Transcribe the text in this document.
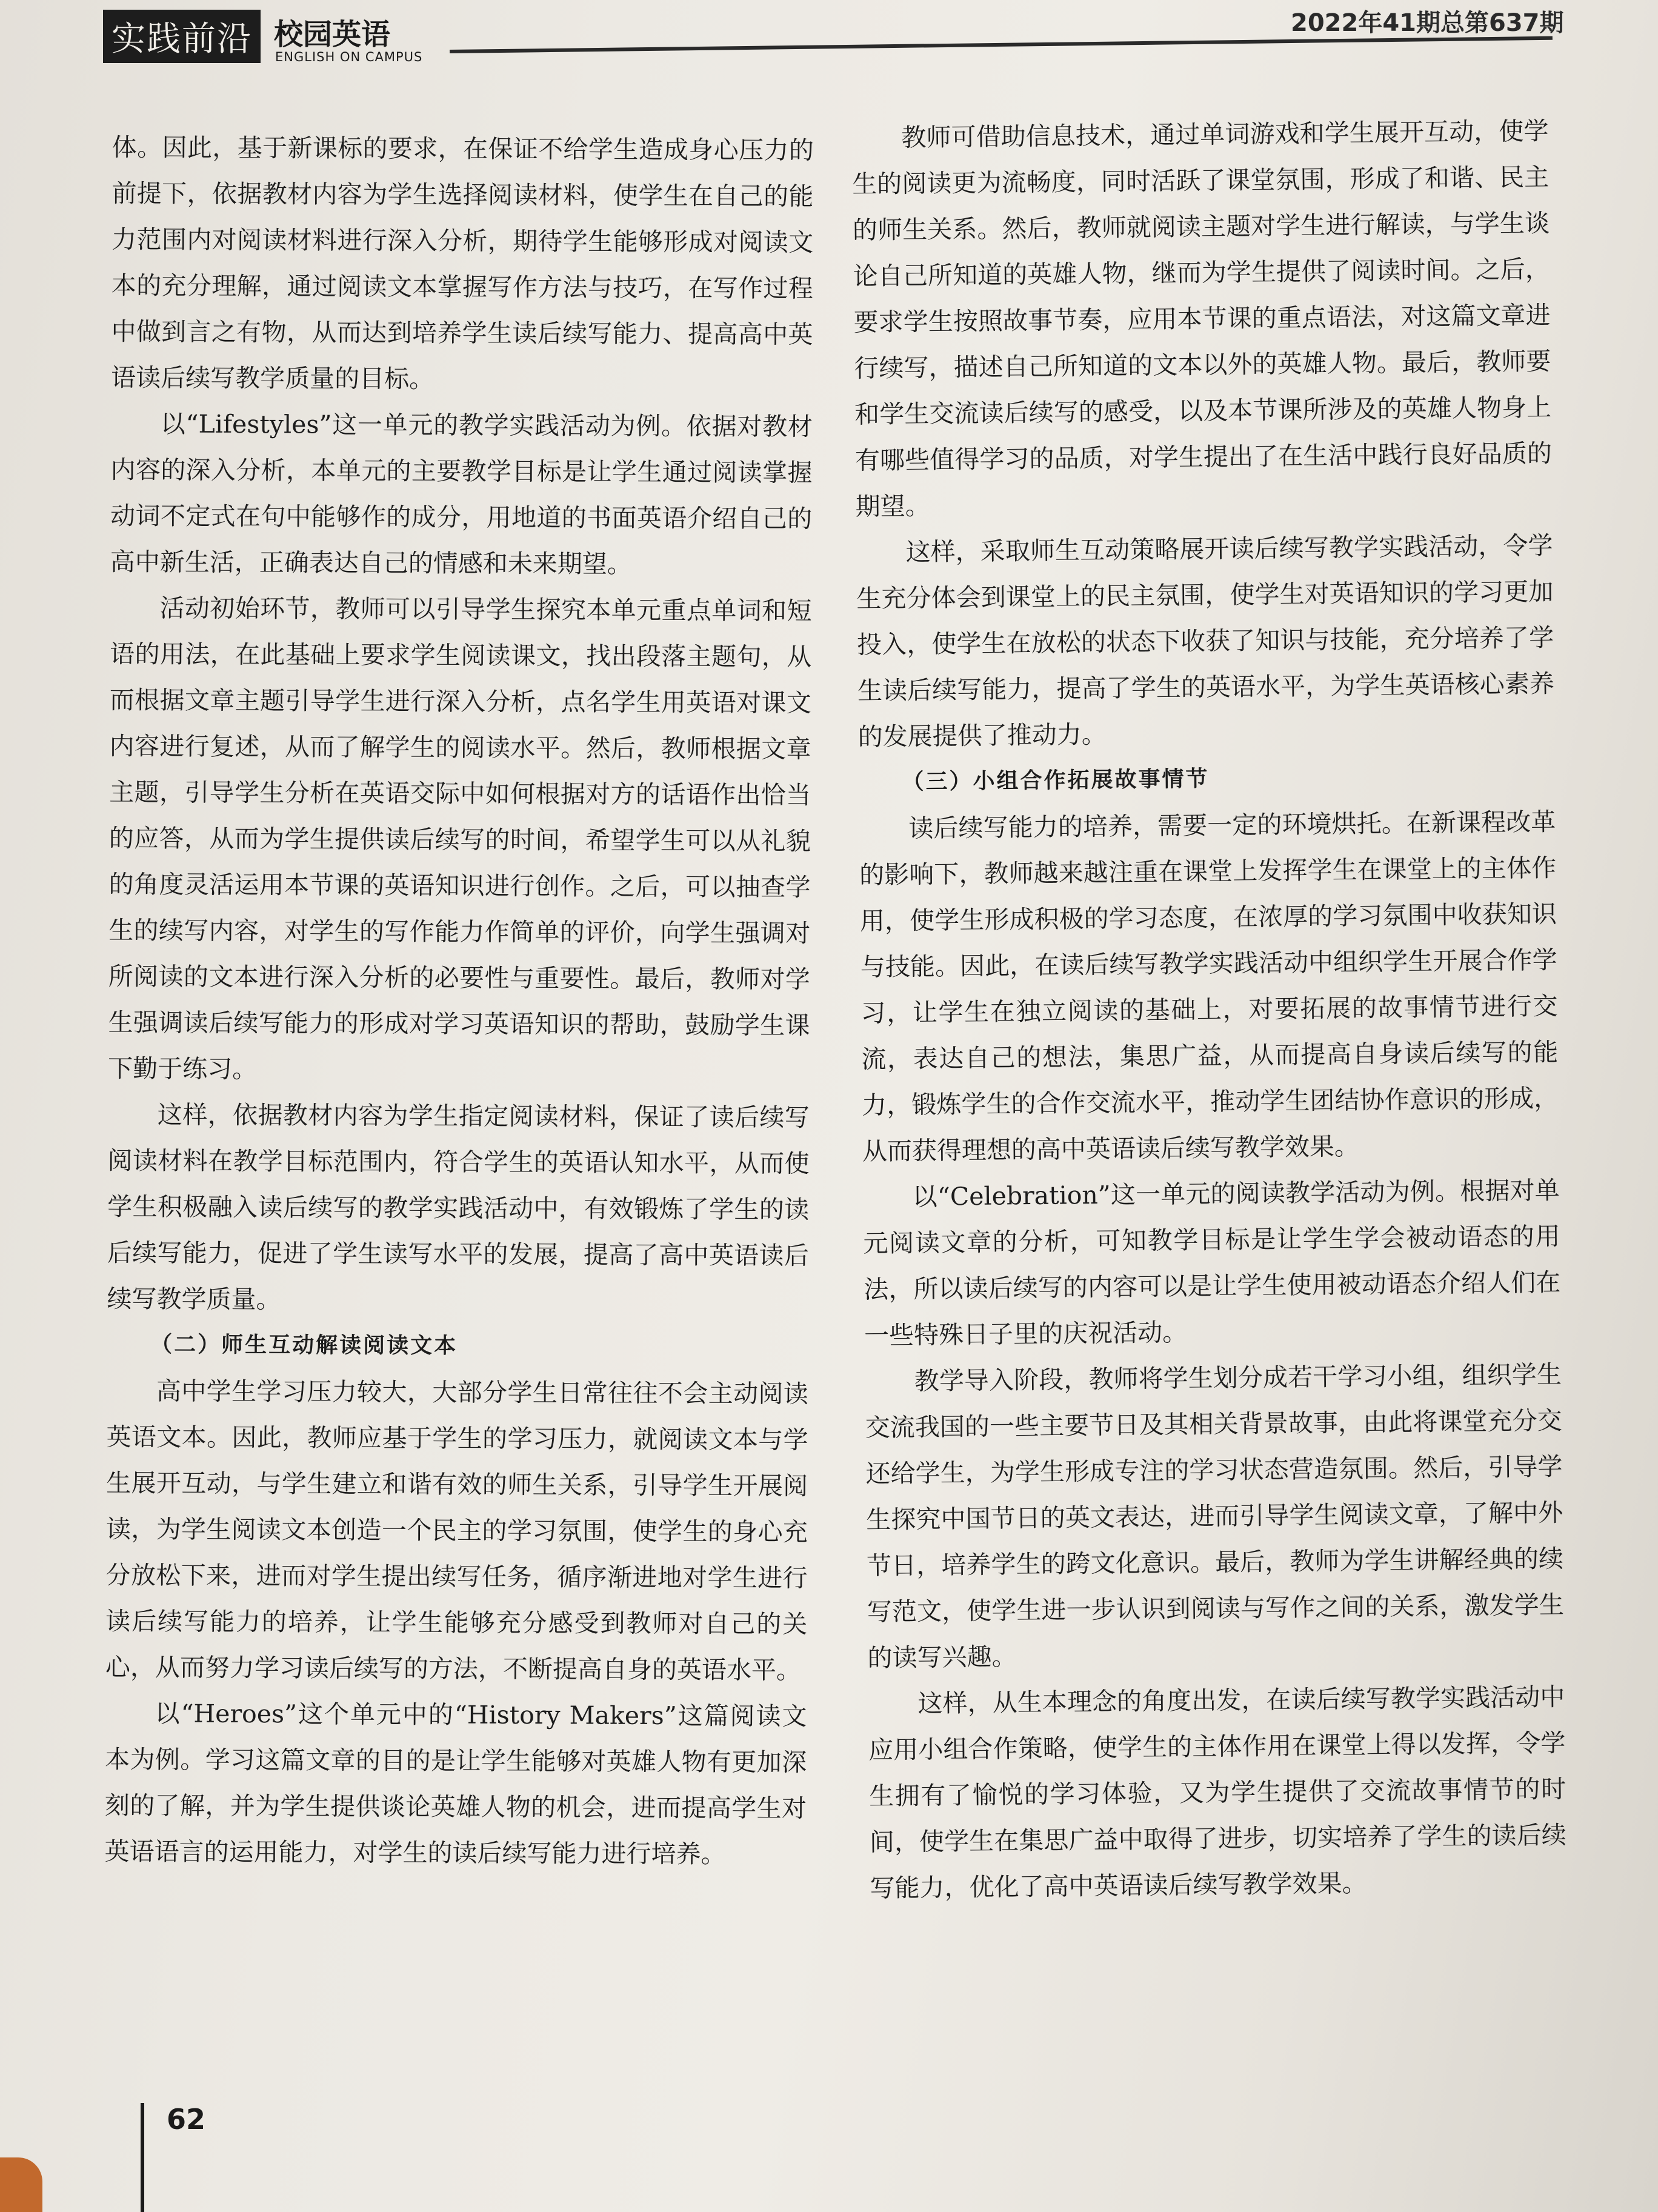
实践前沿 校园英语
ENGLISH ON CAMPUS
2022年41期总第637期

体。因此，基于新课标的要求，在保证不给学生造成身心压力的前提下，依据教材内容为学生选择阅读材料，使学生在自己的能力范围内对阅读材料进行深入分析，期待学生能够形成对阅读文本的充分理解，通过阅读文本掌握写作方法与技巧，在写作过程中做到言之有物，从而达到培养学生读后续写能力、提高高中英语读后续写教学质量的目标。

以“Lifestyles”这一单元的教学实践活动为例。依据对教材内容的深入分析，本单元的主要教学目标是让学生通过阅读掌握动词不定式在句中能够作的成分，用地道的书面英语介绍自己的高中新生活，正确表达自己的情感和未来期望。

活动初始环节，教师可以引导学生探究本单元重点单词和短语的用法，在此基础上要求学生阅读课文，找出段落主题句，从而根据文章主题引导学生进行深入分析，点名学生用英语对课文内容进行复述，从而了解学生的阅读水平。然后，教师根据文章主题，引导学生分析在英语交际中如何根据对方的话语作出恰当的应答，从而为学生提供读后续写的时间，希望学生可以从礼貌的角度灵活运用本节课的英语知识进行创作。之后，可以抽查学生的续写内容，对学生的写作能力作简单的评价，向学生强调对所阅读的文本进行深入分析的必要性与重要性。最后，教师对学生强调读后续写能力的形成对学习英语知识的帮助，鼓励学生课下勤于练习。

这样，依据教材内容为学生指定阅读材料，保证了读后续写阅读材料在教学目标范围内，符合学生的英语认知水平，从而使学生积极融入读后续写的教学实践活动中，有效锻炼了学生的读后续写能力，促进了学生读写水平的发展，提高了高中英语读后续写教学质量。

（二）师生互动解读阅读文本

高中学生学习压力较大，大部分学生日常往往不会主动阅读英语文本。因此，教师应基于学生的学习压力，就阅读文本与学生展开互动，与学生建立和谐有效的师生关系，引导学生开展阅读，为学生阅读文本创造一个民主的学习氛围，使学生的身心充分放松下来，进而对学生提出续写任务，循序渐进地对学生进行读后续写能力的培养，让学生能够充分感受到教师对自己的关心，从而努力学习读后续写的方法，不断提高自身的英语水平。

以“Heroes”这个单元中的“History Makers”这篇阅读文本为例。学习这篇文章的目的是让学生能够对英雄人物有更加深刻的了解，并为学生提供谈论英雄人物的机会，进而提高学生对英语语言的运用能力，对学生的读后续写能力进行培养。

教师可借助信息技术，通过单词游戏和学生展开互动，使学生的阅读更为流畅度，同时活跃了课堂氛围，形成了和谐、民主的师生关系。然后，教师就阅读主题对学生进行解读，与学生谈论自己所知道的英雄人物，继而为学生提供了阅读时间。之后，要求学生按照故事节奏，应用本节课的重点语法，对这篇文章进行续写，描述自己所知道的文本以外的英雄人物。最后，教师要和学生交流读后续写的感受，以及本节课所涉及的英雄人物身上有哪些值得学习的品质，对学生提出了在生活中践行良好品质的期望。

这样，采取师生互动策略展开读后续写教学实践活动，令学生充分体会到课堂上的民主氛围，使学生对英语知识的学习更加投入，使学生在放松的状态下收获了知识与技能，充分培养了学生读后续写能力，提高了学生的英语水平，为学生英语核心素养的发展提供了推动力。

（三）小组合作拓展故事情节

读后续写能力的培养，需要一定的环境烘托。在新课程改革的影响下，教师越来越注重在课堂上发挥学生在课堂上的主体作用，使学生形成积极的学习态度，在浓厚的学习氛围中收获知识与技能。因此，在读后续写教学实践活动中组织学生开展合作学习，让学生在独立阅读的基础上，对要拓展的故事情节进行交流，表达自己的想法，集思广益，从而提高自身读后续写的能力，锻炼学生的合作交流水平，推动学生团结协作意识的形成，从而获得理想的高中英语读后续写教学效果。

以“Celebration”这一单元的阅读教学活动为例。根据对单元阅读文章的分析，可知教学目标是让学生学会被动语态的用法，所以读后续写的内容可以是让学生使用被动语态介绍人们在一些特殊日子里的庆祝活动。

教学导入阶段，教师将学生划分成若干学习小组，组织学生交流我国的一些主要节日及其相关背景故事，由此将课堂充分交还给学生，为学生形成专注的学习状态营造氛围。然后，引导学生探究中国节日的英文表达，进而引导学生阅读文章，了解中外节日，培养学生的跨文化意识。最后，教师为学生讲解经典的续写范文，使学生进一步认识到阅读与写作之间的关系，激发学生的读写兴趣。

这样，从生本理念的角度出发，在读后续写教学实践活动中应用小组合作策略，使学生的主体作用在课堂上得以发挥，令学生拥有了愉悦的学习体验，又为学生提供了交流故事情节的时间，使学生在集思广益中取得了进步，切实培养了学生的读后续写能力，优化了高中英语读后续写教学效果。

62
